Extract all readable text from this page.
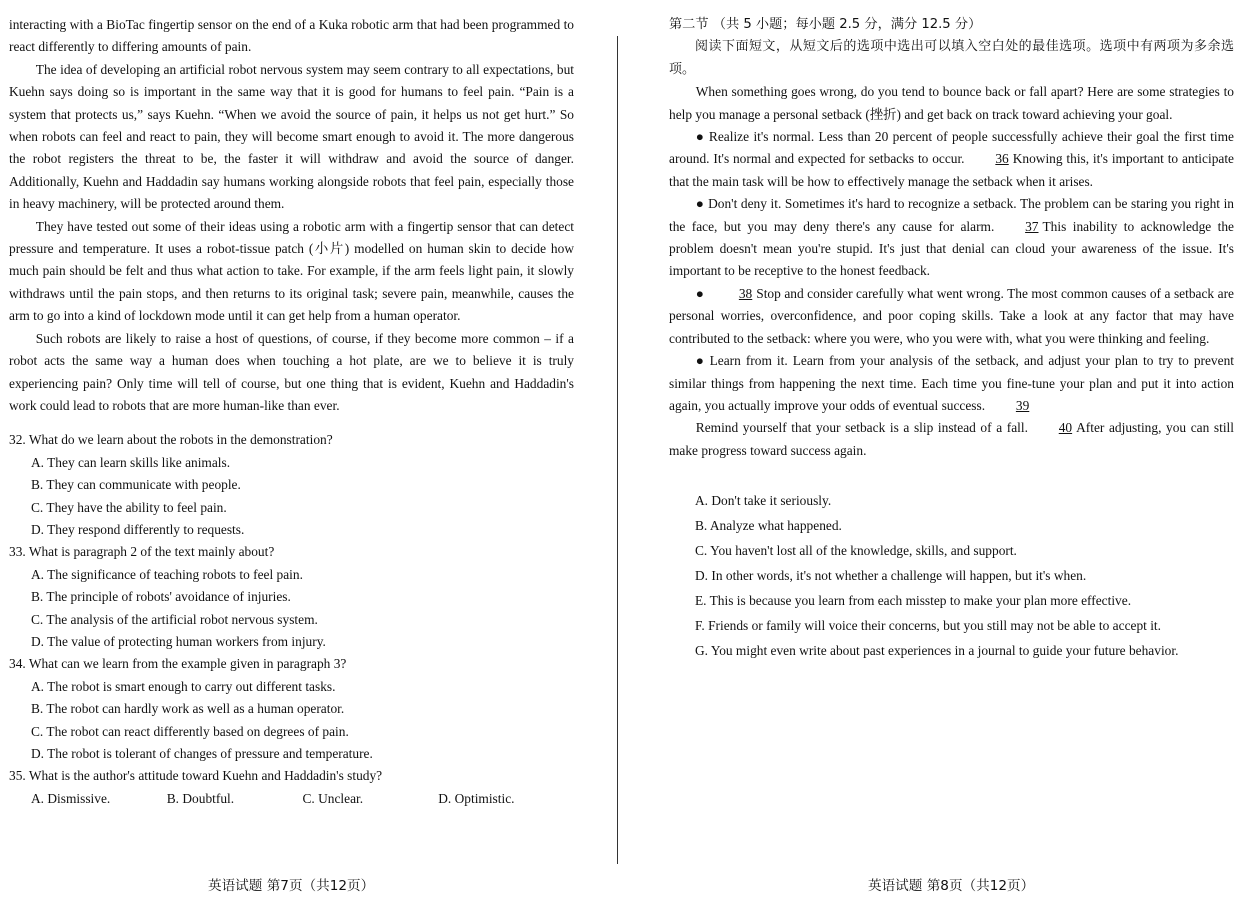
interacting with a BioTac fingertip sensor on the end of a Kuka robotic arm that had been programmed to react differently to differing amounts of pain.

The idea of developing an artificial robot nervous system may seem contrary to all expectations, but Kuehn says doing so is important in the same way that it is good for humans to feel pain. “Pain is a system that protects us,” says Kuehn. “When we avoid the source of pain, it helps us not get hurt.” So when robots can feel and react to pain, they will become smart enough to avoid it. The more dangerous the robot registers the threat to be, the faster it will withdraw and avoid the source of danger. Additionally, Kuehn and Haddadin say humans working alongside robots that feel pain, especially those in heavy machinery, will be protected around them.

They have tested out some of their ideas using a robotic arm with a fingertip sensor that can detect pressure and temperature. It uses a robot-tissue patch (小片) modelled on human skin to decide how much pain should be felt and thus what action to take. For example, if the arm feels light pain, it slowly withdraws until the pain stops, and then returns to its original task; severe pain, meanwhile, causes the arm to go into a kind of lockdown mode until it can get help from a human operator.

Such robots are likely to raise a host of questions, of course, if they become more common – if a robot acts the same way a human does when touching a hot plate, are we to believe it is truly experiencing pain? Only time will tell of course, but one thing that is evident, Kuehn and Haddadin's work could lead to robots that are more human-like than ever.

32. What do we learn about the robots in the demonstration?

A. They can learn skills like animals.

B. They can communicate with people.

C. They have the ability to feel pain.

D. They respond differently to requests.

33. What is paragraph 2 of the text mainly about?

A. The significance of teaching robots to feel pain.

B. The principle of robots' avoidance of injuries.

C. The analysis of the artificial robot nervous system.

D. The value of protecting human workers from injury.

34. What can we learn from the example given in paragraph 3?

A. The robot is smart enough to carry out different tasks.

B. The robot can hardly work as well as a human operator.

C. The robot can react differently based on degrees of pain.

D. The robot is tolerant of changes of pressure and temperature.

35. What is the author's attitude toward Kuehn and Haddadin's study?

A. Dismissive.	B. Doubtful.	C. Unclear.	D. Optimistic.

第二节 （共 5 小题；每小题 2.5 分，满分 12.5 分）

阅读下面短文，从短文后的选项中选出可以填入空白处的最佳选项。选项中有两项为多余选项。

When something goes wrong, do you tend to bounce back or fall apart? Here are some strategies to help you manage a personal setback (挫折) and get back on track toward achieving your goal.

● Realize it's normal. Less than 20 percent of people successfully achieve their goal the first time around. It's normal and expected for setbacks to occur. 36 Knowing this, it's important to anticipate that the main task will be how to effectively manage the setback when it arises.

● Don't deny it. Sometimes it's hard to recognize a setback. The problem can be staring you right in the face, but you may deny there's any cause for alarm. 37 This inability to acknowledge the problem doesn't mean you're stupid. It's just that denial can cloud your awareness of the issue. It's important to be receptive to the honest feedback.

●	38 Stop and consider carefully what went wrong. The most common causes of a setback are personal worries, overconfidence, and poor coping skills. Take a look at any factor that may have contributed to the setback: where you were, who you were with, what you were thinking and feeling.

● Learn from it. Learn from your analysis of the setback, and adjust your plan to try to prevent similar things from happening the next time. Each time you fine-tune your plan and put it into action again, you actually improve your odds of eventual success. 39

Remind yourself that your setback is a slip instead of a fall. 40 After adjusting, you can still make progress toward success again.

A. Don't take it seriously.
B. Analyze what happened.
C. You haven't lost all of the knowledge, skills, and support.
D. In other words, it's not whether a challenge will happen, but it's when.
E. This is because you learn from each misstep to make your plan more effective.
F. Friends or family will voice their concerns, but you still may not be able to accept it.
G. You might even write about past experiences in a journal to guide your future behavior.
英语试题 第7页（共12页）	英语试题 第8页（共12页）
